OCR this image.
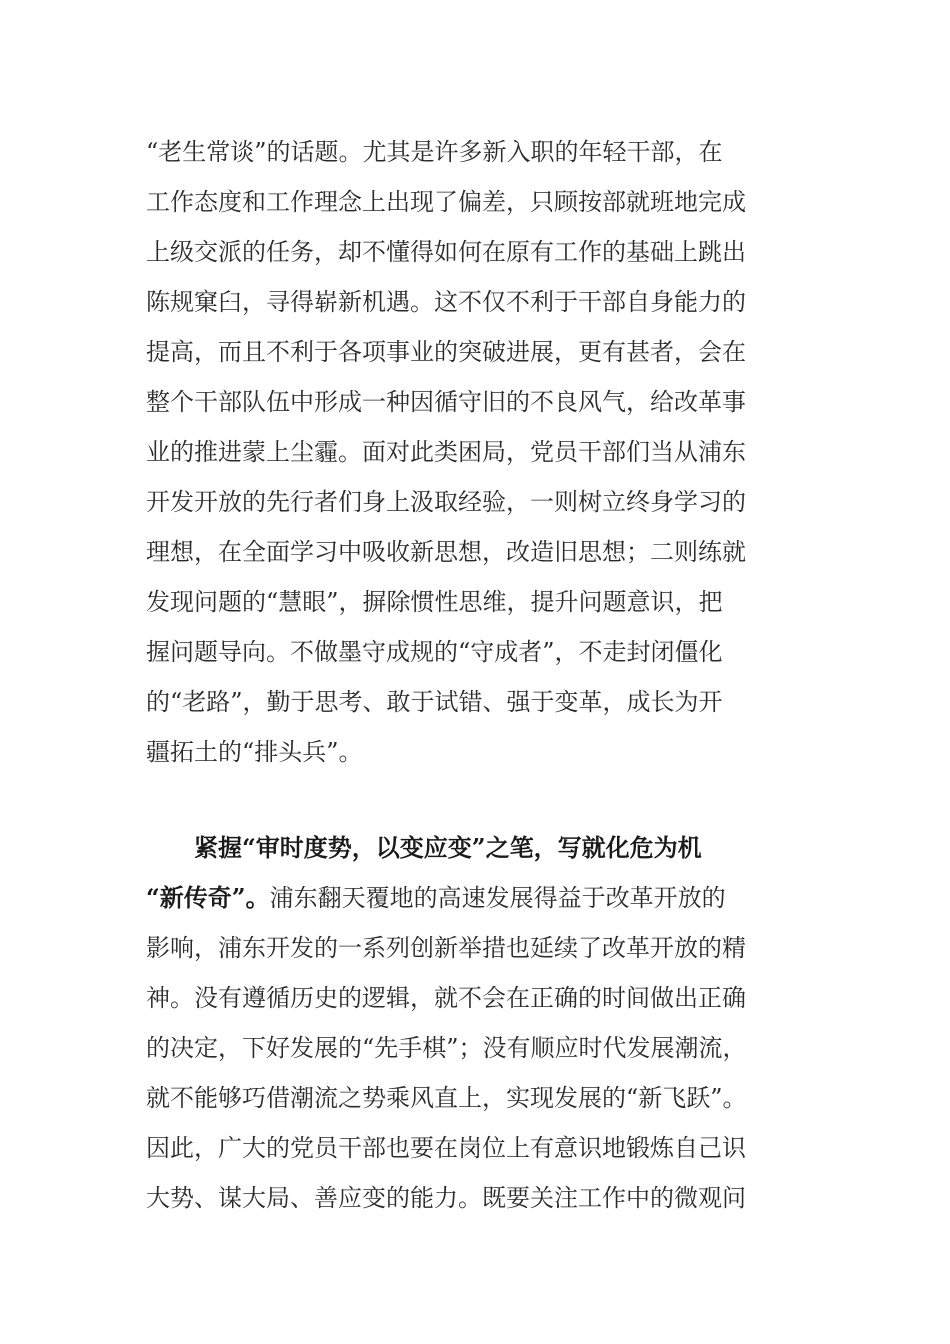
“老生常谈”的话题。尤其是许多新入职的年轻干部，在
工作态度和工作理念上出现了偏差，只顾按部就班地完成
上级交派的任务，却不懂得如何在原有工作的基础上跳出
陈规窠臼，寻得崭新机遇。这不仅不利于干部自身能力的
提高，而且不利于各项事业的突破进展，更有甚者，会在
整个干部队伍中形成一种因循守旧的不良风气，给改革事
业的推进蒙上尘霾。面对此类困局，党员干部们当从浦东
开发开放的先行者们身上汲取经验，一则树立终身学习的
理想，在全面学习中吸收新思想，改造旧思想；二则练就
发现问题的“慧眼”，摒除惯性思维，提升问题意识，把
握问题导向。不做墨守成规的“守成者”，不走封闭僵化
的“老路”，勤于思考、敢于试错、强于变革，成长为开
疆拓土的“排头兵”。
　　紧握“审时度势，以变应变”之笔，写就化危为机
“新传奇”。浦东翻天覆地的高速发展得益于改革开放的
影响，浦东开发的一系列创新举措也延续了改革开放的精
神。没有遵循历史的逻辑，就不会在正确的时间做出正确
的决定，下好发展的“先手棋”；没有顺应时代发展潮流，
就不能够巧借潮流之势乘风直上，实现发展的“新飞跃”。
因此，广大的党员干部也要在岗位上有意识地锻炼自己识
大势、谋大局、善应变的能力。既要关注工作中的微观问
